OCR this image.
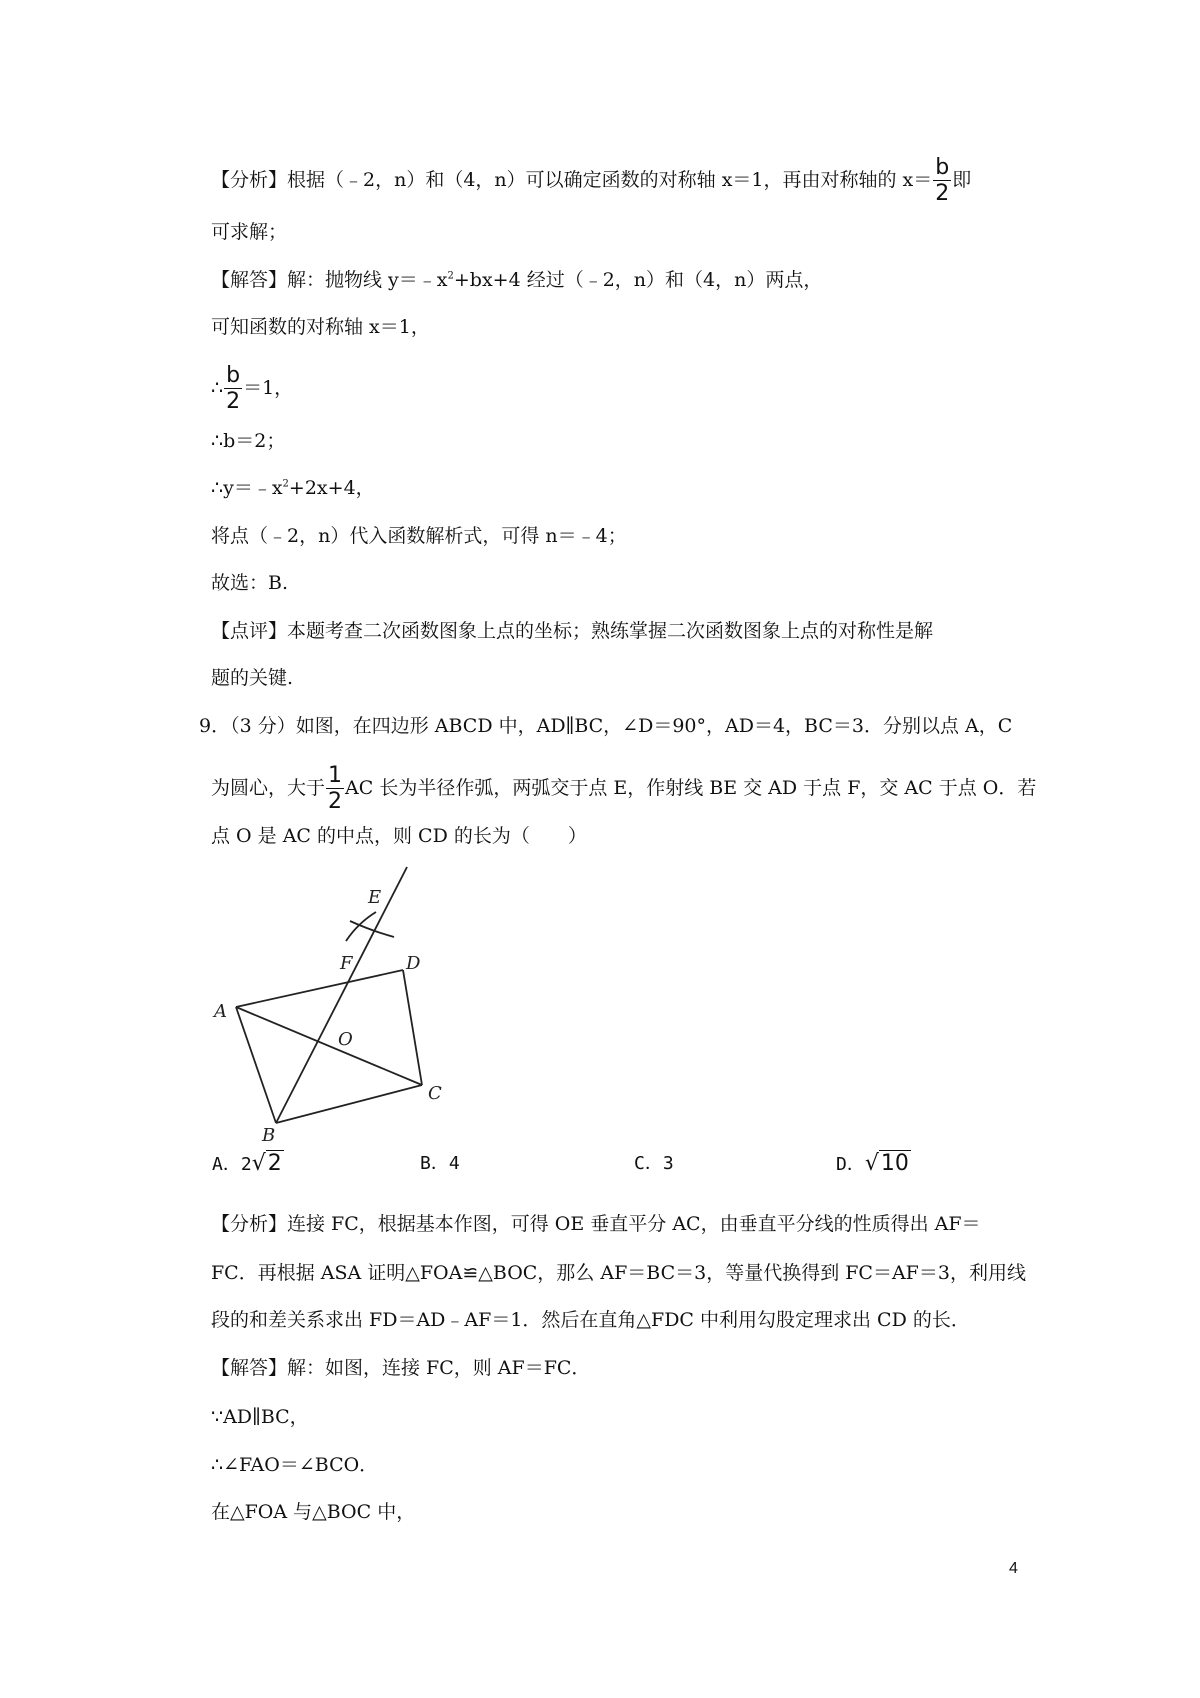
【分析】根据（﹣2，n）和（4，n）可以确定函数的对称轴 x＝1，再由对称轴的 $x= \frac{b}{2}$ 即
可求解；
【解答】解：抛物线 $y=﹣x^2+bx+4$ 经过（﹣2，n）和（4，n）两点，
可知函数的对称轴 x＝1，
∴ $\frac{b}{2} =1$，
∴b＝2；
$\therefore y=﹣x^2+2x+4$，
将点（﹣2，n）代入函数解析式，可得 n＝﹣4；
故选：B.
【点评】本题考查二次函数图象上点的坐标；熟练掌握二次函数图象上点的对称性是解
题的关键.
9．（3 分）如图，在四边形 ABCD 中，AD∥BC，∠D＝90°，AD＝4，BC＝3．分别以点 A，C
为圆心，大于 $\frac{1}{2}$ AC 长为半径作弧，两弧交于点 E，作射线 BE 交 AD 于点 F，交 AC 于点 O．若
点 O 是 AC 的中点，则 CD 的长为（　　）
A
B
C
D
E
F
O
A．2√2	B．4	C．3	D．√10
【分析】连接 FC，根据基本作图，可得 OE 垂直平分 AC，由垂直平分线的性质得出 AF＝
FC．再根据 ASA 证明△FOA≌△BOC，那么 AF＝BC＝3，等量代换得到 FC＝AF＝3，利用线
段的和差关系求出 FD＝AD﹣AF＝1．然后在直角△FDC 中利用勾股定理求出 CD 的长．
【解答】解：如图，连接 FC，则 AF＝FC．
∵AD∥BC，
∴∠FAO＝∠BCO．
在△FOA 与△BOC 中，
4
